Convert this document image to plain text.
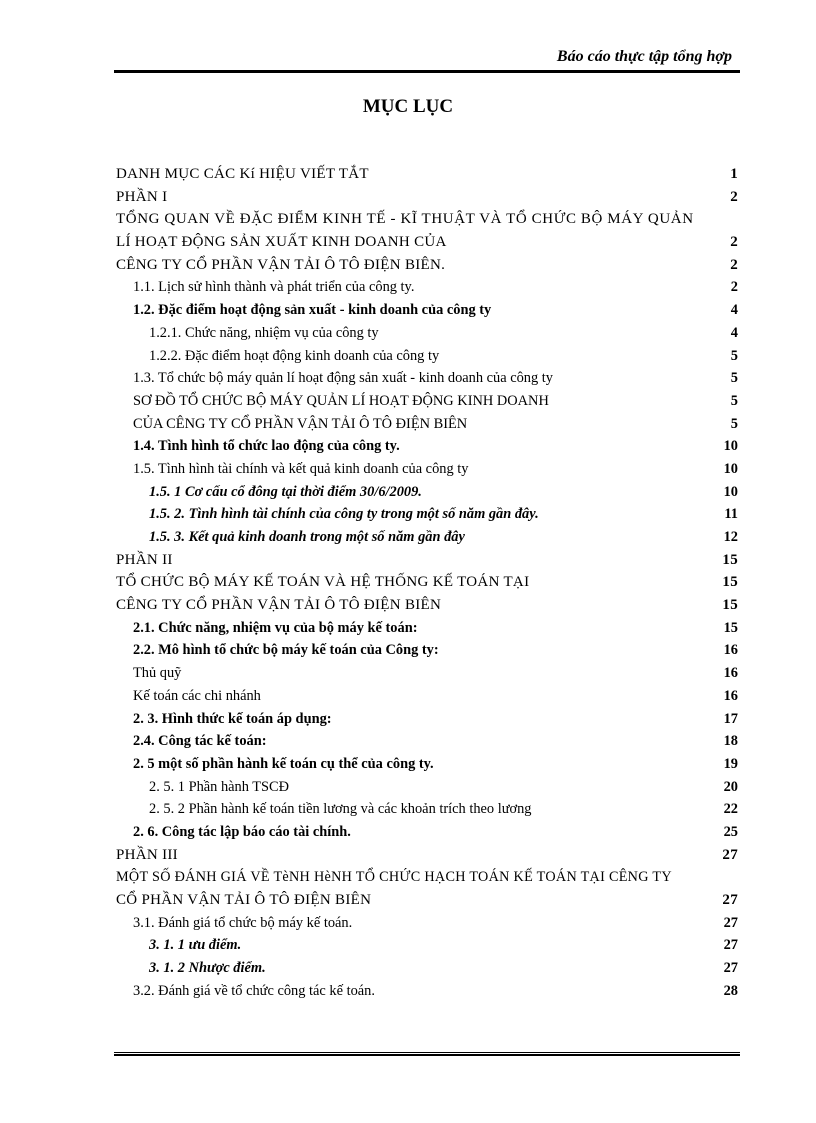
Báo cáo thực tập tổng hợp
MỤC LỤC
DANH MỤC CÁC Kí HIỆU VIẾT TẮT	1
PHẦN I	2
TỔNG QUAN VỀ ĐẶC ĐIỂM KINH TẾ - KĨ THUẬT VÀ TỔ CHỨC BỘ MÁY QUẢN
LÍ HOẠT ĐỘNG SẢN XUẤT KINH DOANH CỦA	2
CÊNG TY CỔ PHẦN VẬN TẢI Ô TÔ ĐIỆN BIÊN.	2
1.1. Lịch sử hình thành và phát triển của công ty.	2
1.2. Đặc điểm hoạt động sản xuất - kinh doanh của công ty	4
1.2.1. Chức năng, nhiệm vụ của công ty	4
1.2.2. Đặc điểm hoạt động kinh doanh của công ty	5
1.3. Tổ chức bộ máy quản lí hoạt động sản xuất - kinh doanh của công ty	5
SƠ ĐỒ TỔ CHỨC BỘ MÁY QUẢN LÍ HOẠT ĐỘNG KINH DOANH	5
CỦA CÊNG TY CỔ PHẦN VẬN TẢI Ô TÔ ĐIỆN BIÊN	5
1.4. Tình hình tổ chức lao động của công ty.	10
1.5. Tình hình tài chính và kết quả kinh doanh của công ty	10
1.5. 1 Cơ cấu cổ đông tại thời điểm 30/6/2009.	10
1.5. 2. Tình hình tài chính của công ty trong một số năm gần đây.	11
1.5. 3. Kết quả kinh doanh trong một số năm gần đây	12
PHẦN II	15
TỔ CHỨC BỘ MÁY KẾ TOÁN VÀ HỆ THỐNG KẾ TOÁN TẠI	15
CÊNG TY CỔ PHẦN VẬN TẢI Ô TÔ ĐIỆN BIÊN	15
2.1. Chức năng, nhiệm vụ của bộ máy kế toán:	15
2.2. Mô hình tổ chức bộ máy kế toán của Công ty:	16
Thủ quỹ	16
Kế toán các chi nhánh	16
2. 3. Hình thức kế toán áp dụng:	17
2.4. Công tác kế toán:	18
2. 5 một số phần hành kế toán cụ thể của công ty.	19
2. 5. 1 Phần hành TSCĐ	20
2. 5. 2 Phần hành kế toán tiền lương và các khoản trích theo lương	22
2. 6. Công tác lập báo cáo tài chính.	25
PHẦN III	27
MỘT SỐ ĐÁNH GIÁ VỀ TèNH HèNH TỔ CHỨC HẠCH TOÁN KẾ TOÁN TẠI CÊNG TY
CỔ PHẦN VẬN TẢI Ô TÔ ĐIỆN BIÊN	27
3.1. Đánh giá tổ chức bộ máy kế toán.	27
3. 1. 1 ưu điểm.	27
3. 1. 2 Nhược điểm.	27
3.2. Đánh giá về tổ chức công tác kế toán.	28
